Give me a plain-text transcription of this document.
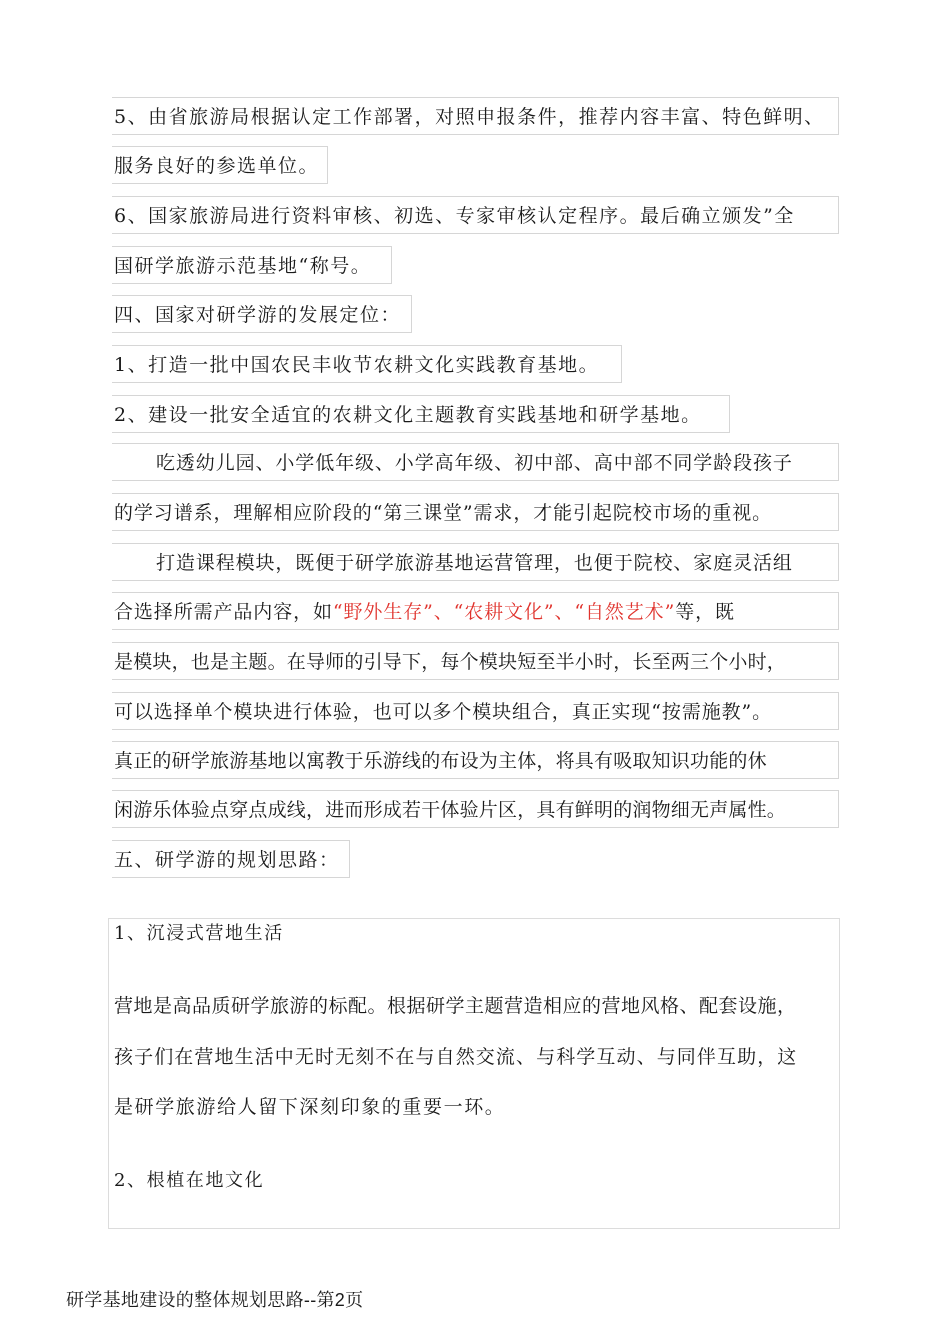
5、由省旅游局根据认定工作部署，对照申报条件，推荐内容丰富、特色鲜明、
服务良好的参选单位。
6、国家旅游局进行资料审核、初选、专家审核认定程序。最后确立颁发”全
国研学旅游示范基地“称号。
四、国家对研学游的发展定位：
1、打造一批中国农民丰收节农耕文化实践教育基地。
2、建设一批安全适宜的农耕文化主题教育实践基地和研学基地。
吃透幼儿园、小学低年级、小学高年级、初中部、高中部不同学龄段孩子
的学习谱系，理解相应阶段的“第三课堂”需求，才能引起院校市场的重视。
打造课程模块，既便于研学旅游基地运营管理，也便于院校、家庭灵活组
合选择所需产品内容，如“野外生存”、“农耕文化”、“自然艺术”等，既
是模块，也是主题。在导师的引导下，每个模块短至半小时，长至两三个小时，
可以选择单个模块进行体验，也可以多个模块组合，真正实现“按需施教”。
真正的研学旅游基地以寓教于乐游线的布设为主体，将具有吸取知识功能的休
闲游乐体验点穿点成线，进而形成若干体验片区，具有鲜明的润物细无声属性。
五、研学游的规划思路：
1、沉浸式营地生活
营地是高品质研学旅游的标配。根据研学主题营造相应的营地风格、配套设施，
孩子们在营地生活中无时无刻不在与自然交流、与科学互动、与同伴互助，这
是研学旅游给人留下深刻印象的重要一环。
2、根植在地文化
研学基地建设的整体规划思路--第2页
